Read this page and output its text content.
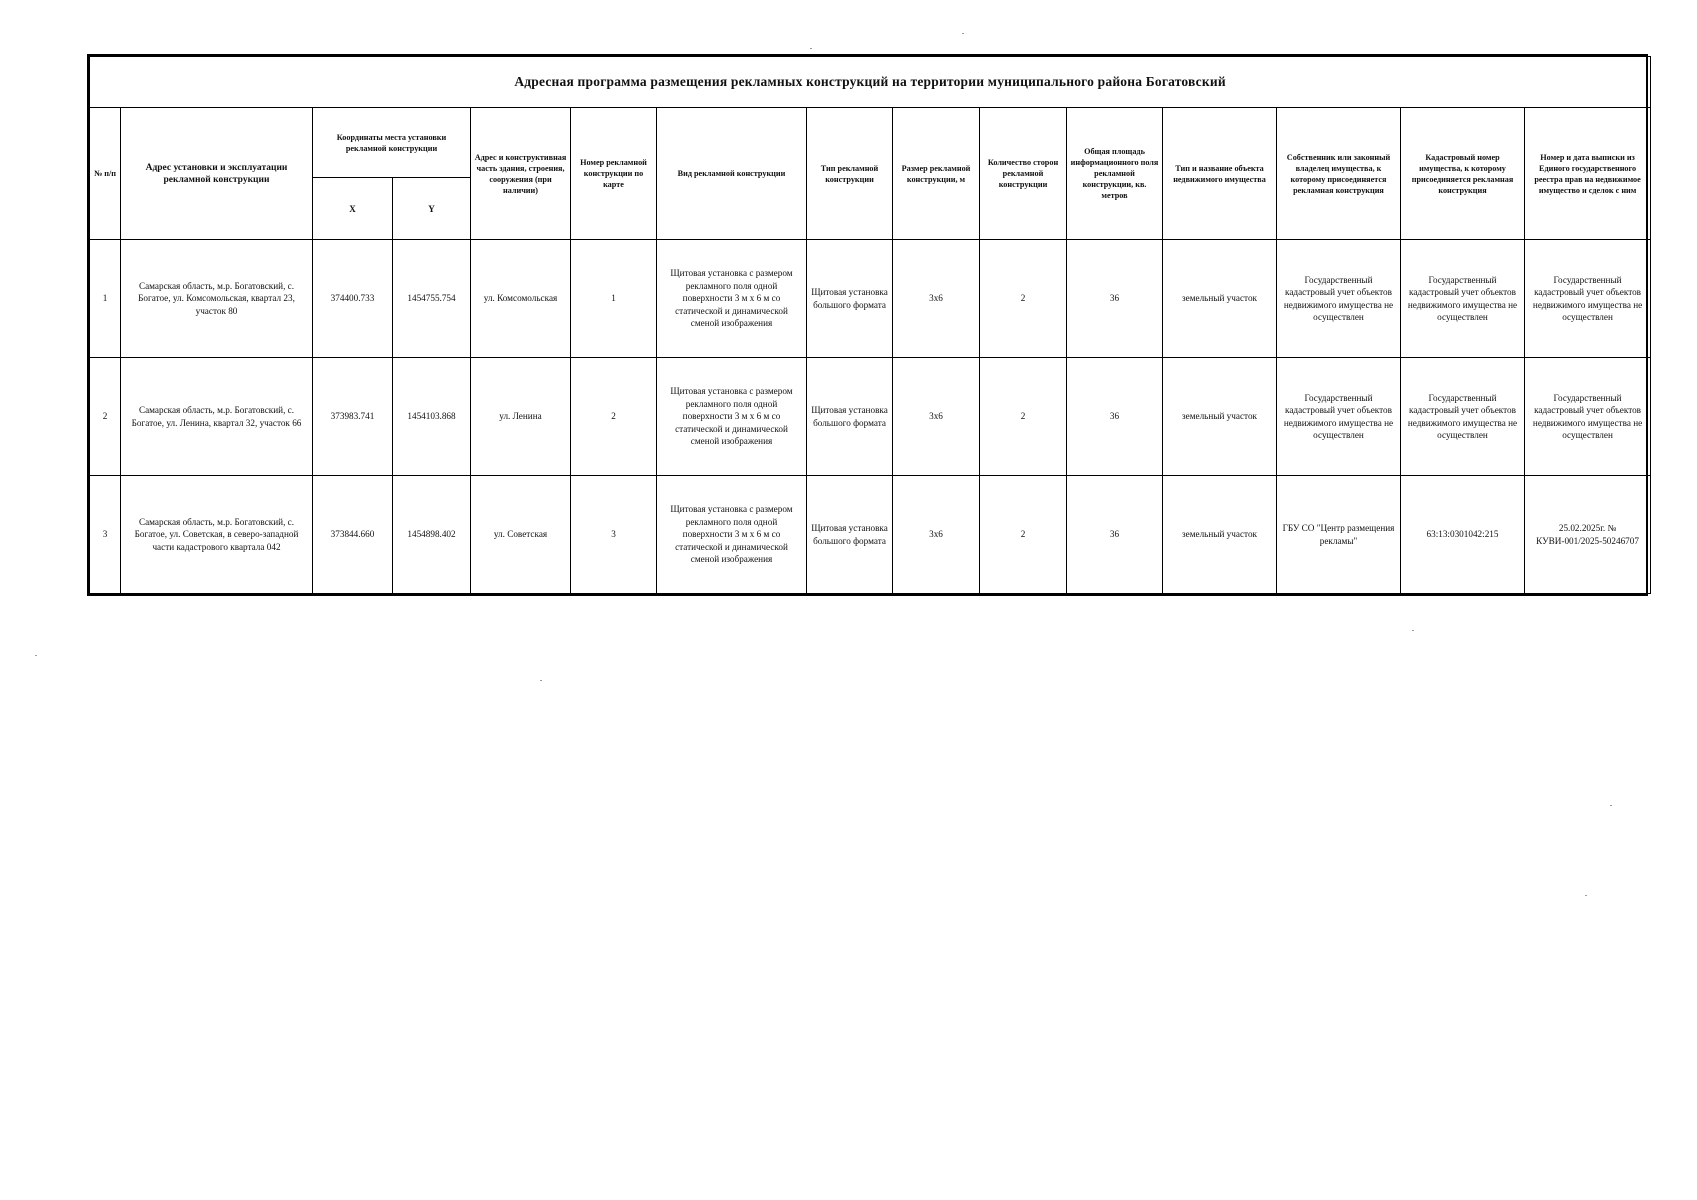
Адресная программа размещения рекламных конструкций на территории муниципального района Богатовский														
№ п/п	Адрес установки и эксплуатации рекламной конструкции	Координаты места установки рекламной конструкции		Адрес и конструктивная часть здания, строения, сооружения (при наличии)	Номер рекламной конструкции по карте	Вид рекламной конструкции	Тип рекламной конструкции	Размер рекламной конструкции, м	Количество сторон рекламной конструкции	Общая площадь информационного поля рекламной конструкции, кв. метров	Тип и название объекта недвижимого имущества	Собственник или законный владелец имущества, к которому присоединяется рекламная конструкция	Кадастровый номер имущества, к которому присоединяется рекламная конструкция	Номер и дата выписки из Единого государственного реестра прав на недвижимое имущество и сделок с ним
		X	Y											
1	Самарская область, м.р. Богатовский, с. Богатое, ул. Комсомольская, квартал 23, участок 80	374400.733	1454755.754	ул. Комсомольская	1	Щитовая установка с размером рекламного поля одной поверхности 3 м х 6 м со статической и динамической сменой изображения	Щитовая установка большого формата	3х6	2	36	земельный участок	Государственный кадастровый учет объектов недвижимого имущества не осуществлен	Государственный кадастровый учет объектов недвижимого имущества не осуществлен	Государственный кадастровый учет объектов недвижимого имущества не осуществлен
2	Самарская область, м.р. Богатовский, с. Богатое, ул. Ленина, квартал 32, участок 66	373983.741	1454103.868	ул. Ленина	2	Щитовая установка с размером рекламного поля одной поверхности 3 м х 6 м со статической и динамической сменой изображения	Щитовая установка большого формата	3х6	2	36	земельный участок	Государственный кадастровый учет объектов недвижимого имущества не осуществлен	Государственный кадастровый учет объектов недвижимого имущества не осуществлен	Государственный кадастровый учет объектов недвижимого имущества не осуществлен
3	Самарская область, м.р. Богатовский, с. Богатое, ул. Советская, в северо-западной части кадастрового квартала 042	373844.660	1454898.402	ул. Советская	3	Щитовая установка с размером рекламного поля одной поверхности 3 м х 6 м со статической и динамической сменой изображения	Щитовая установка большого формата	3х6	2	36	земельный участок	ГБУ СО "Центр размещения рекламы"	63:13:0301042:215	25.02.2025г. № КУВИ-001/2025-50246707
